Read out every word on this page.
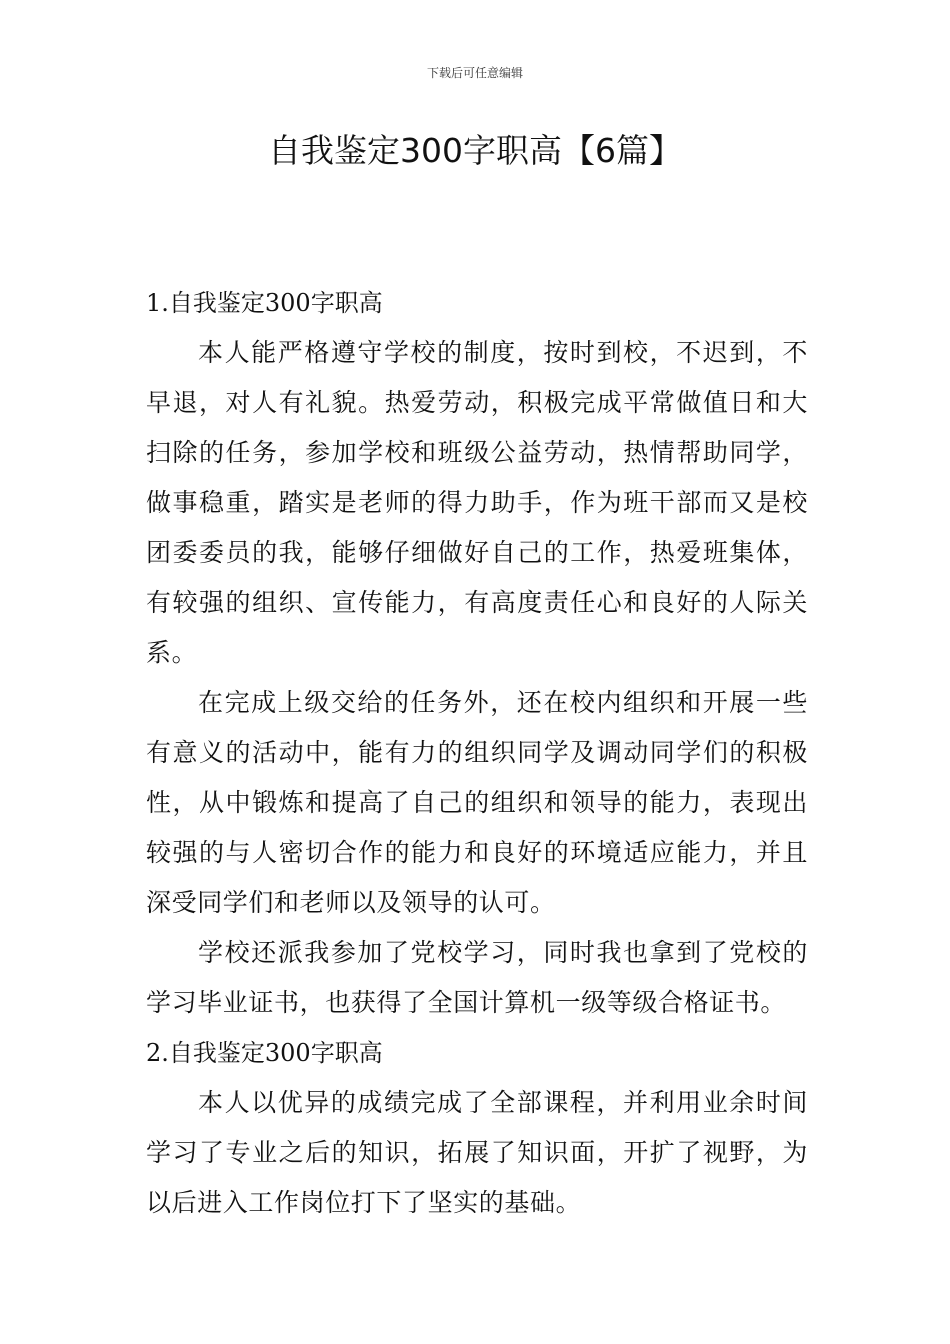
下载后可任意编辑
自我鉴定300字职高【6篇】

1.自我鉴定300字职高

本人能严格遵守学校的制度，按时到校，不迟到，不早退，对人有礼貌。热爱劳动，积极完成平常做值日和大扫除的任务，参加学校和班级公益劳动，热情帮助同学，做事稳重，踏实是老师的得力助手，作为班干部而又是校团委委员的我，能够仔细做好自己的工作，热爱班集体，有较强的组织、宣传能力，有高度责任心和良好的人际关系。

在完成上级交给的任务外，还在校内组织和开展一些有意义的活动中，能有力的组织同学及调动同学们的积极性，从中锻炼和提高了自己的组织和领导的能力，表现出较强的与人密切合作的能力和良好的环境适应能力，并且深受同学们和老师以及领导的认可。

学校还派我参加了党校学习，同时我也拿到了党校的学习毕业证书，也获得了全国计算机一级等级合格证书。

2.自我鉴定300字职高

本人以优异的成绩完成了全部课程，并利用业余时间学习了专业之后的知识，拓展了知识面，开扩了视野，为以后进入工作岗位打下了坚实的基础。
